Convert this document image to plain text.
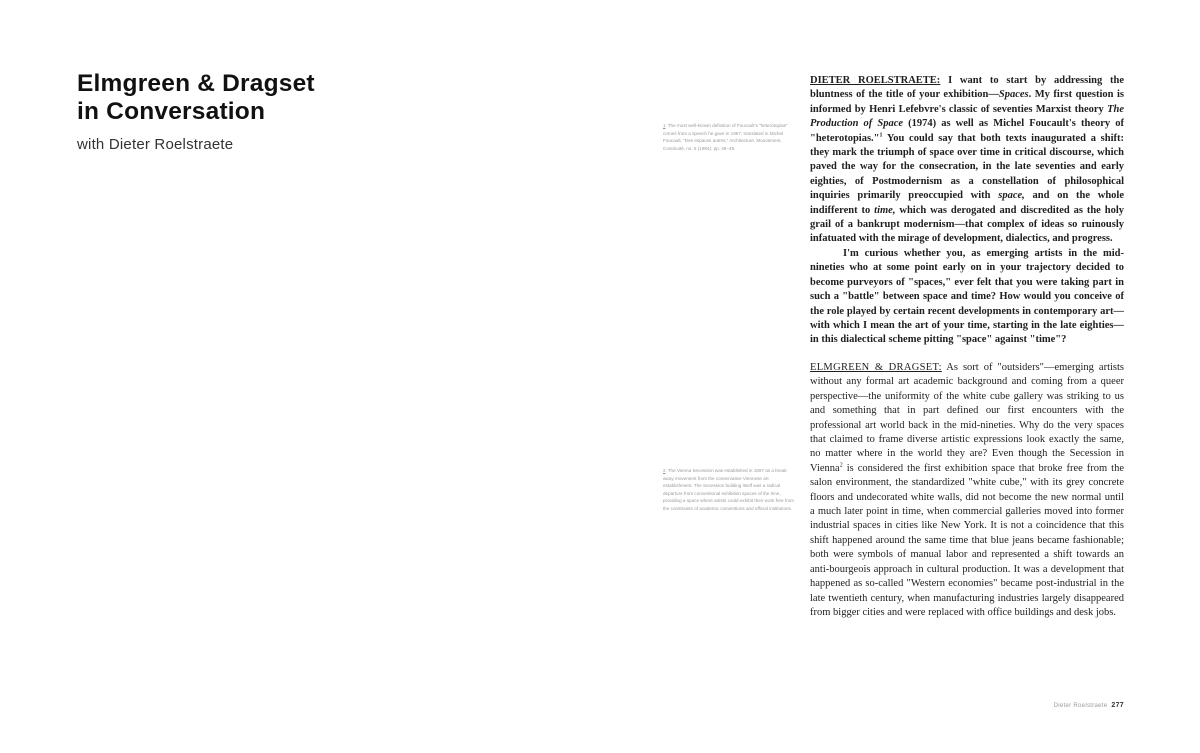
Elmgreen & Dragset
in Conversation
with Dieter Roelstraete
1 The most well-known definition of Foucault's "heterotopias" comes from a speech he gave in 1967, translated in Michel Foucault, "Des espaces autres," Architecture, Mouvement, Continuité, no. 5 (1984): pp. 46–49.
2 The Vienna Secession was established in 1897 as a break away movement from the conservative Viennese art establishment. The Secession building itself was a radical departure from conventional exhibition spaces of the time, providing a space where artists could exhibit their work free from the constraints of academic conventions and official institutions.

DIETER ROELSTRAETE: I want to start by addressing the bluntness of the title of your exhibition—Spaces. My first question is informed by Henri Lefebvre's classic of seventies Marxist theory The Production of Space (1974) as well as Michel Foucault's theory of "heterotopias."$^1$ You could say that both texts inaugurated a shift: they mark the triumph of space over time in critical discourse, which paved the way for the consecration, in the late seventies and early eighties, of Postmodernism as a constellation of philosophical inquiries primarily preoccupied with space, and on the whole indifferent to time, which was derogated and discredited as the holy grail of a bankrupt modernism—that complex of ideas so ruinously infatuated with the mirage of development, dialectics, and progress.

I'm curious whether you, as emerging artists in the mid-nineties who at some point early on in your trajectory decided to become purveyors of "spaces," ever felt that you were taking part in such a "battle" between space and time? How would you conceive of the role played by certain recent developments in contemporary art—with which I mean the art of your time, starting in the late eighties—in this dialectical scheme pitting "space" against "time"?

ELMGREEN & DRAGSET: As sort of "outsiders"—emerging artists without any formal art academic background and coming from a queer perspective—the uniformity of the white cube gallery was striking to us and something that in part defined our first encounters with the professional art world back in the mid-nineties. Why do the very spaces that claimed to frame diverse artistic expressions look exactly the same, no matter where in the world they are? Even though the Secession in Vienna$^2$ is considered the first exhibition space that broke free from the salon environment, the standardized "white cube," with its grey concrete floors and undecorated white walls, did not become the new normal until a much later point in time, when commercial galleries moved into former industrial spaces in cities like New York. It is not a coincidence that this shift happened around the same time that blue jeans became fashionable; both were symbols of manual labor and represented a shift towards an anti-bourgeois approach in cultural production. It was a development that happened as so-called "Western economies" became post-industrial in the late twentieth century, when manufacturing industries largely disappeared from bigger cities and were replaced with office buildings and desk jobs.

Dieter Roelstraete 277
